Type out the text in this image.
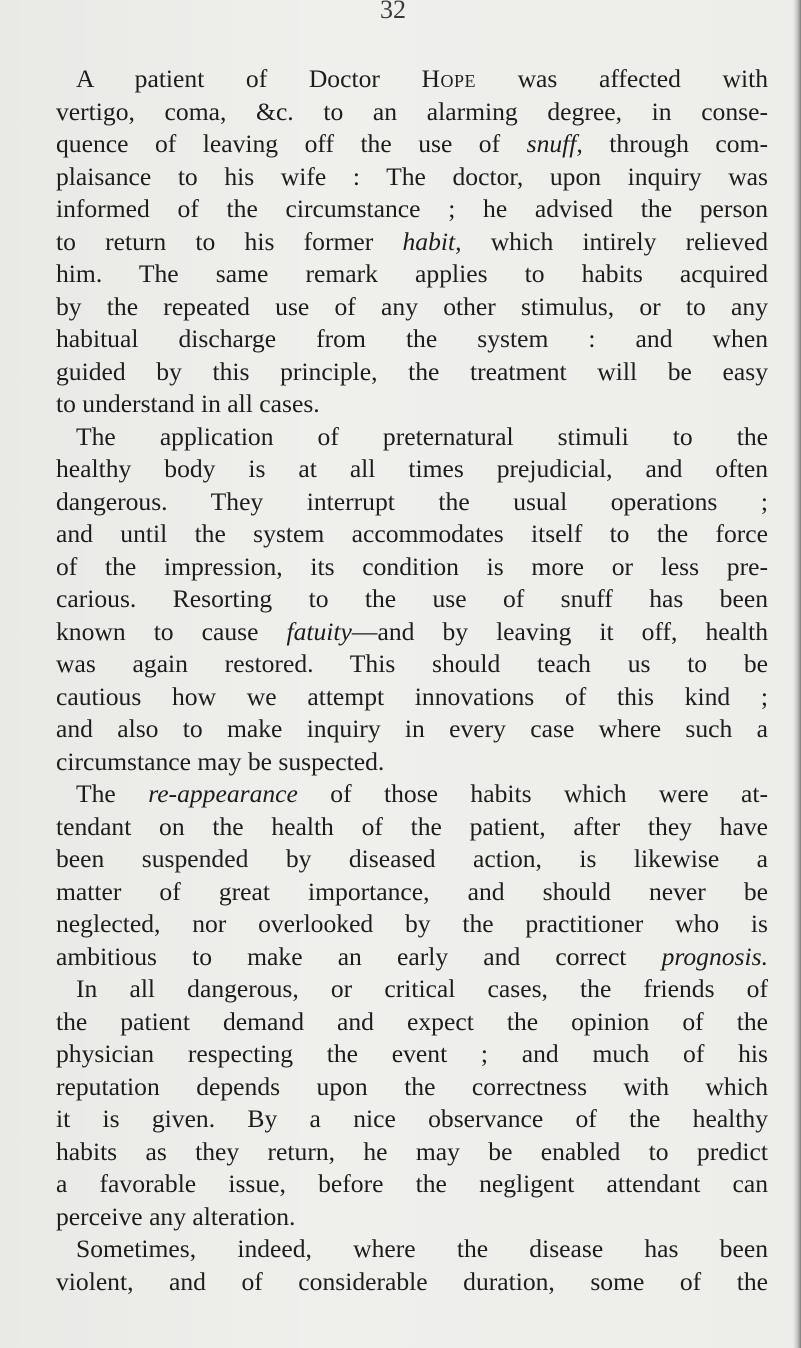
32
A patient of Doctor Hope was affected with
vertigo, coma, &c. to an alarming degree, in conse-
quence of leaving off the use of snuff, through com-
plaisance to his wife : The doctor, upon inquiry was
informed of the circumstance ; he advised the person
to return to his former habit, which intirely relieved
him. The same remark applies to habits acquired
by the repeated use of any other stimulus, or to any
habitual discharge from the system : and when
guided by this principle, the treatment will be easy
to understand in all cases.
The application of preternatural stimuli to the
healthy body is at all times prejudicial, and often
dangerous. They interrupt the usual operations ;
and until the system accommodates itself to the force
of the impression, its condition is more or less pre-
carious. Resorting to the use of snuff has been
known to cause fatuity—and by leaving it off, health
was again restored. This should teach us to be
cautious how we attempt innovations of this kind ;
and also to make inquiry in every case where such a
circumstance may be suspected.
The re-appearance of those habits which were at-
tendant on the health of the patient, after they have
been suspended by diseased action, is likewise a
matter of great importance, and should never be
neglected, nor overlooked by the practitioner who is
ambitious to make an early and correct prognosis.
In all dangerous, or critical cases, the friends of
the patient demand and expect the opinion of the
physician respecting the event ; and much of his
reputation depends upon the correctness with which
it is given. By a nice observance of the healthy
habits as they return, he may be enabled to predict
a favorable issue, before the negligent attendant can
perceive any alteration.
Sometimes, indeed, where the disease has been
violent, and of considerable duration, some of the
